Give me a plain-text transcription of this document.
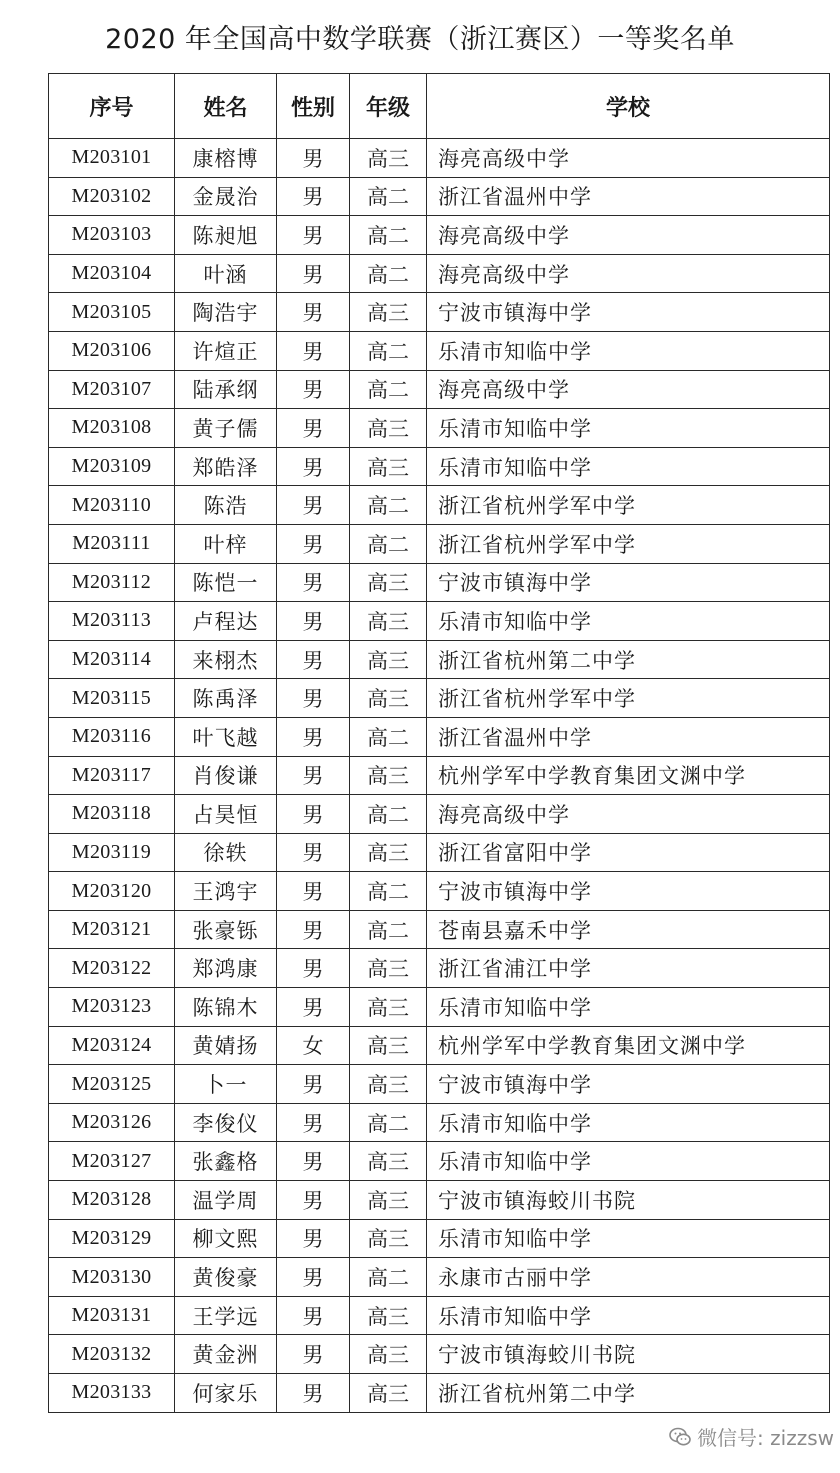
2020 年全国高中数学联赛（浙江赛区）一等奖名单
序号	姓名	性别	年级	学校
M203101	康榕博	男	高三	海亮高级中学
M203102	金晟治	男	高二	浙江省温州中学
M203103	陈昶旭	男	高二	海亮高级中学
M203104	叶涵	男	高二	海亮高级中学
M203105	陶浩宇	男	高三	宁波市镇海中学
M203106	许煊正	男	高二	乐清市知临中学
M203107	陆承纲	男	高二	海亮高级中学
M203108	黄子儒	男	高三	乐清市知临中学
M203109	郑皓泽	男	高三	乐清市知临中学
M203110	陈浩	男	高二	浙江省杭州学军中学
M203111	叶梓	男	高二	浙江省杭州学军中学
M203112	陈恺一	男	高三	宁波市镇海中学
M203113	卢程达	男	高三	乐清市知临中学
M203114	来栩杰	男	高三	浙江省杭州第二中学
M203115	陈禹泽	男	高三	浙江省杭州学军中学
M203116	叶飞越	男	高二	浙江省温州中学
M203117	肖俊谦	男	高三	杭州学军中学教育集团文渊中学
M203118	占昊恒	男	高二	海亮高级中学
M203119	徐轶	男	高三	浙江省富阳中学
M203120	王鸿宇	男	高二	宁波市镇海中学
M203121	张豪铄	男	高二	苍南县嘉禾中学
M203122	郑鸿康	男	高三	浙江省浦江中学
M203123	陈锦木	男	高三	乐清市知临中学
M203124	黄婧扬	女	高三	杭州学军中学教育集团文渊中学
M203125	卜一	男	高三	宁波市镇海中学
M203126	李俊仪	男	高二	乐清市知临中学
M203127	张鑫格	男	高三	乐清市知临中学
M203128	温学周	男	高三	宁波市镇海蛟川书院
M203129	柳文熙	男	高三	乐清市知临中学
M203130	黄俊豪	男	高二	永康市古丽中学
M203131	王学远	男	高三	乐清市知临中学
M203132	黄金洲	男	高三	宁波市镇海蛟川书院
M203133	何家乐	男	高三	浙江省杭州第二中学
微信号: zizzsw
